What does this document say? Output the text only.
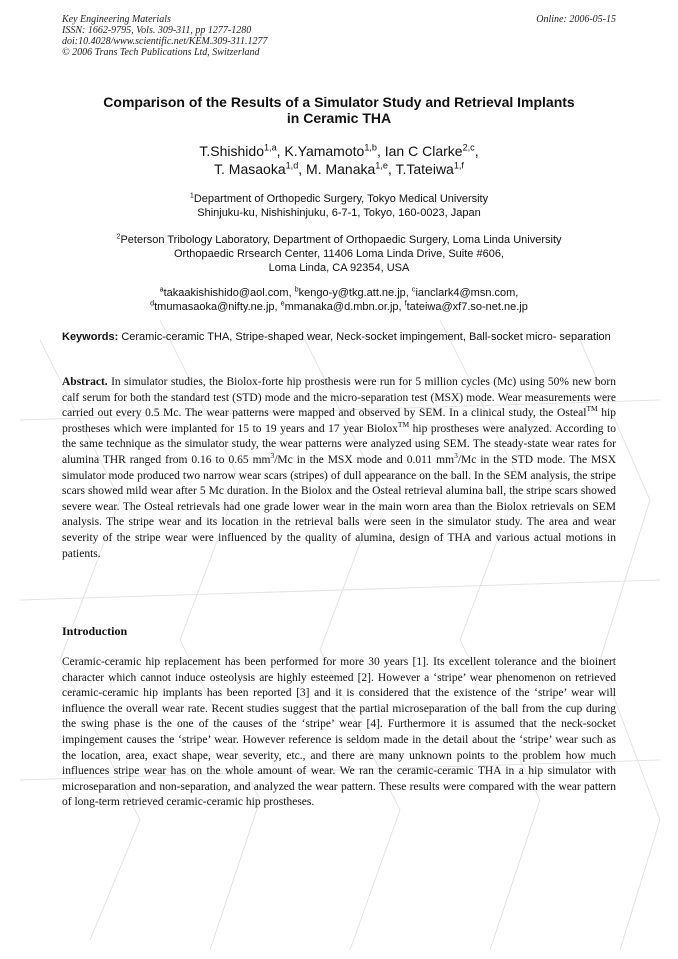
Key Engineering Materials
ISSN: 1662-9795, Vols. 309-311, pp 1277-1280
doi:10.4028/www.scientific.net/KEM.309-311.1277
© 2006 Trans Tech Publications Ltd, Switzerland
Online: 2006-05-15
Comparison of the Results of a Simulator Study and Retrieval Implants
in Ceramic THA
T.Shishido$^{1,a}$, K.Yamamoto$^{1,b}$, Ian C Clarke$^{2,c}$,
T. Masaoka$^{1,d}$, M. Manaka$^{1,e}$, T.Tateiwa$^{1,f}$
$^1$Department of Orthopedic Surgery, Tokyo Medical University
Shinjuku-ku, Nishishinjuku, 6-7-1, Tokyo, 160-0023, Japan
$^2$Peterson Tribology Laboratory, Department of Orthopaedic Surgery, Loma Linda University
Orthopaedic Rrsearch Center, 11406 Loma Linda Drive, Suite #606,
Loma Linda, CA 92354, USA
$^a$takaakishishido@aol.com, $^b$kengo-y@tkg.att.ne.jp, $^c$ianclark4@msn.com,
$^d$tmumasaoka@nifty.ne.jp, $^e$mmanaka@d.mbn.or.jp, $^f$tateiwa@xf7.so-net.ne.jp
Keywords: Ceramic-ceramic THA, Stripe-shaped wear, Neck-socket impingement, Ball-socket micro- separation
Abstract. In simulator studies, the Biolox-forte hip prosthesis were run for 5 million cycles (Mc) using 50% new born calf serum for both the standard test (STD) mode and the micro-separation test (MSX) mode. Wear measurements were carried out every 0.5 Mc. The wear patterns were mapped and observed by SEM. In a clinical study, the Osteal™ hip prostheses which were implanted for 15 to 19 years and 17 year Biolox™ hip prostheses were analyzed. According to the same technique as the simulator study, the wear patterns were analyzed using SEM. The steady-state wear rates for alumina THR ranged from 0.16 to 0.65 $mm^3/Mc$ in the MSX mode and 0.011 $mm^3/Mc$ in the STD mode. The MSX simulator mode produced two narrow wear scars (stripes) of dull appearance on the ball. In the SEM analysis, the stripe scars showed mild wear after 5 Mc duration. In the Biolox and the Osteal retrieval alumina ball, the stripe scars showed severe wear. The Osteal retrievals had one grade lower wear in the main worn area than the Biolox retrievals on SEM analysis. The stripe wear and its location in the retrieval balls were seen in the simulator study. The area and wear severity of the stripe wear were influenced by the quality of alumina, design of THA and various actual motions in patients.
Introduction
Ceramic-ceramic hip replacement has been performed for more 30 years [1]. Its excellent tolerance and the bioinert character which cannot induce osteolysis are highly esteemed [2]. However a ‘stripe’ wear phenomenon on retrieved ceramic-ceramic hip implants has been reported [3] and it is considered that the existence of the ‘stripe’ wear will influence the overall wear rate. Recent studies suggest that the partial microseparation of the ball from the cup during the swing phase is the one of the causes of the ‘stripe’ wear [4]. Furthermore it is assumed that the neck-socket impingement causes the ‘stripe’ wear. However reference is seldom made in the detail about the ‘stripe’ wear such as the location, area, exact shape, wear severity, etc., and there are many unknown points to the problem how much influences stripe wear has on the whole amount of wear. We ran the ceramic-ceramic THA in a hip simulator with microseparation and non-separation, and analyzed the wear pattern. These results were compared with the wear pattern of long-term retrieved ceramic-ceramic hip prostheses.
